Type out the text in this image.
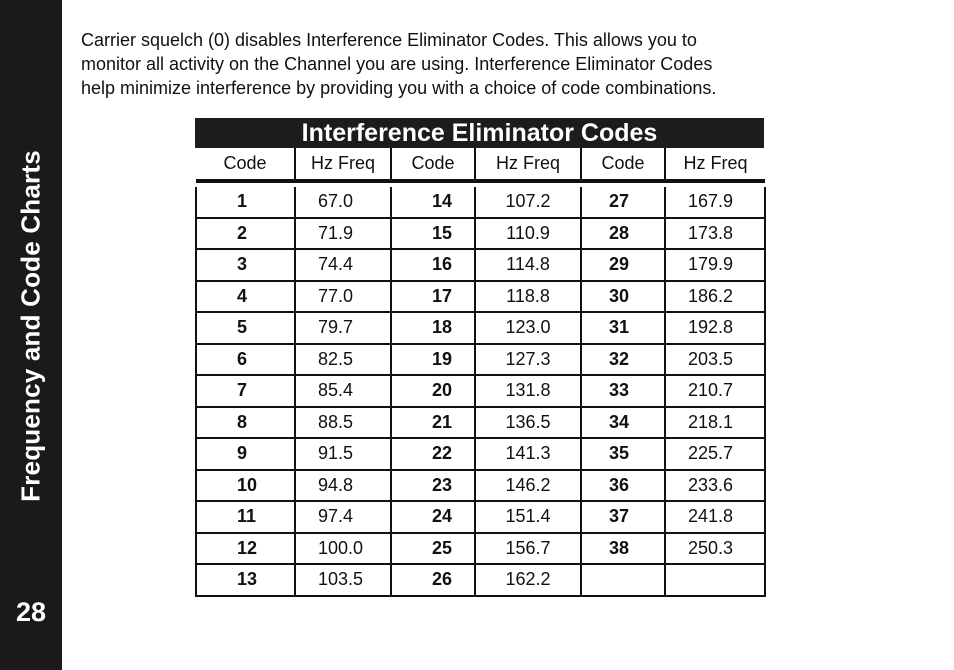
Frequency and Code Charts
28

Carrier squelch (0) disables Interference Eliminator Codes. This allows you to

monitor all activity on the Channel you are using. Interference Eliminator Codes

help minimize interference by providing you with a choice of code combinations.

Interference Eliminator Codes
Code	Hz Freq	Code	Hz Freq	Code	Hz Freq

1	67.0	14	107.2	27	167.9
2	71.9	15	110.9	28	173.8
3	74.4	16	114.8	29	179.9
4	77.0	17	118.8	30	186.2
5	79.7	18	123.0	31	192.8
6	82.5	19	127.3	32	203.5
7	85.4	20	131.8	33	210.7
8	88.5	21	136.5	34	218.1
9	91.5	22	141.3	35	225.7
10	94.8	23	146.2	36	233.6
11	97.4	24	151.4	37	241.8
12	100.0	25	156.7	38	250.3
13	103.5	26	162.2		
